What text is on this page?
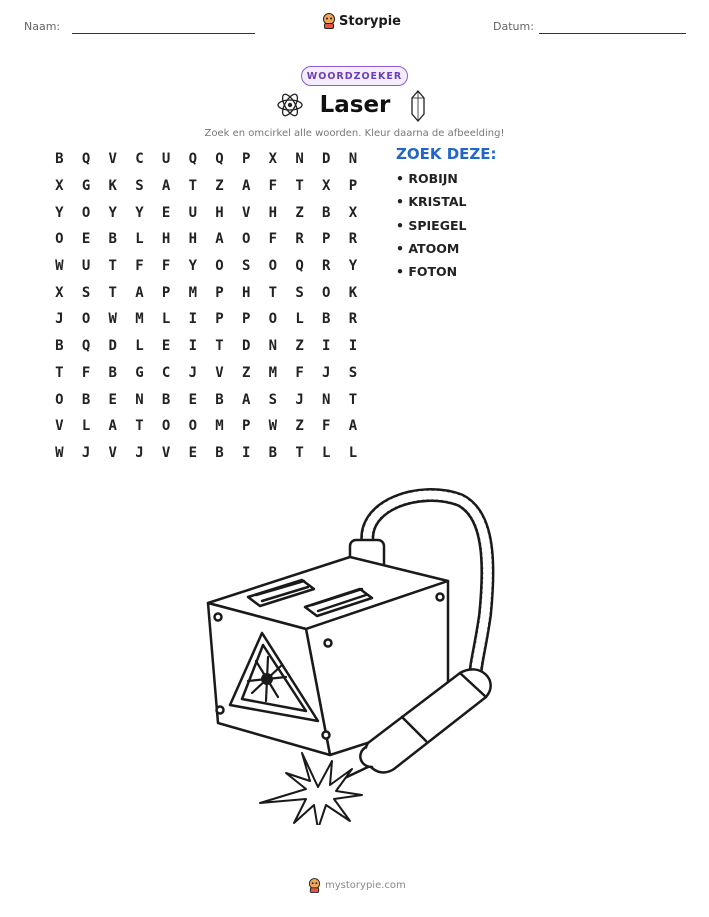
Naam:	Storypie	Datum:
WOORDZOEKER
Laser
Zoek en omcirkel alle woorden. Kleur daarna de afbeelding!
B	Q	V	C	U	Q	Q	P	X	N	D	N
X	G	K	S	A	T	Z	A	F	T	X	P
Y	O	Y	Y	E	U	H	V	H	Z	B	X
O	E	B	L	H	H	A	O	F	R	P	R
W	U	T	F	F	Y	O	S	O	Q	R	Y
X	S	T	A	P	M	P	H	T	S	O	K
J	O	W	M	L	I	P	P	O	L	B	R
B	Q	D	L	E	I	T	D	N	Z	I	I
T	F	B	G	C	J	V	Z	M	F	J	S
O	B	E	N	B	E	B	A	S	J	N	T
V	L	A	T	O	O	M	P	W	Z	F	A
W	J	V	J	V	E	B	I	B	T	L	L
ZOEK DEZE:
• ROBIJN
• KRISTAL
• SPIEGEL
• ATOOM
• FOTON
mystorypie.com
